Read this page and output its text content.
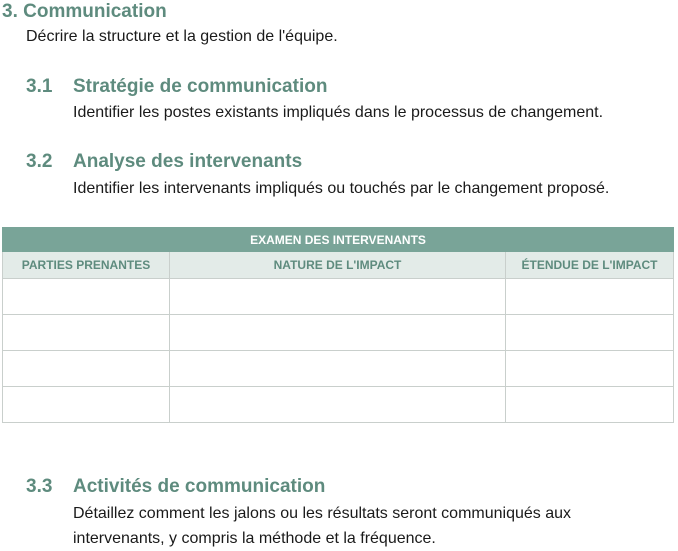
3. Communication
Décrire la structure et la gestion de l'équipe.
3.1 Stratégie de communication
Identifier les postes existants impliqués dans le processus de changement.
3.2 Analyse des intervenants
Identifier les intervenants impliqués ou touchés par le changement proposé.
EXAMEN DES INTERVENANTS		
PARTIES PRENANTES	NATURE DE L'IMPACT	ÉTENDUE DE L'IMPACT

3.3 Activités de communication
Détaillez comment les jalons ou les résultats seront communiqués aux intervenants, y compris la méthode et la fréquence.
